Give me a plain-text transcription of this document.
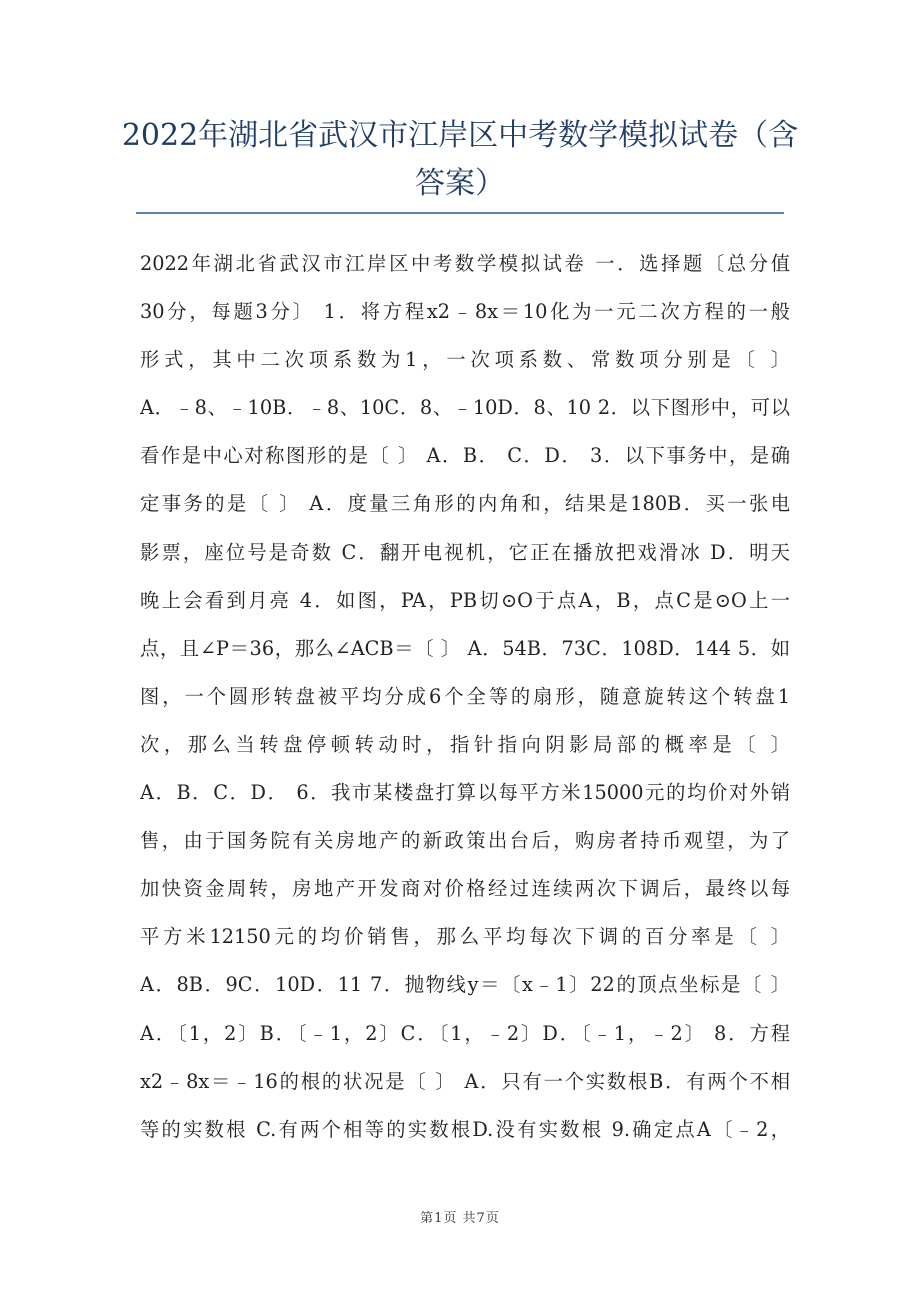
2022年湖北省武汉市江岸区中考数学模拟试卷（含答案）
2022年湖北省武汉市江岸区中考数学模拟试卷 一．选择题〔总分值
30分，每题3分〕 1．将方程x2﹣8x＝10化为一元二次方程的一般
形式，其中二次项系数为1，一次项系数、常数项分别是〔 〕
A．﹣8、﹣10B．﹣8、10C．8、﹣10D．8、10 2．以下图形中，可以
看作是中心对称图形的是〔 〕 A．B． C．D． 3．以下事务中，是确
定事务的是〔 〕 A．度量三角形的内角和，结果是180B．买一张电
影票，座位号是奇数 C．翻开电视机，它正在播放把戏滑冰 D．明天
晚上会看到月亮 4．如图，PA，PB切⊙O于点A，B，点C是⊙O上一
点，且∠P＝36，那么∠ACB＝〔 〕 A．54B．73C．108D．144 5．如
图，一个圆形转盘被平均分成6个全等的扇形，随意旋转这个转盘1
次，那么当转盘停顿转动时，指针指向阴影局部的概率是〔 〕
A．B．C．D． 6．我市某楼盘打算以每平方米15000元的均价对外销
售，由于国务院有关房地产的新政策出台后，购房者持币观望，为了
加快资金周转，房地产开发商对价格经过连续两次下调后，最终以每
平方米12150元的均价销售，那么平均每次下调的百分率是〔 〕
A．8B．9C．10D．11 7．抛物线y＝〔x﹣1〕22的顶点坐标是〔 〕
A．〔1，2〕B．〔﹣1，2〕C．〔1，﹣2〕D．〔﹣1，﹣2〕 8．方程
x2﹣8x＝﹣16的根的状况是〔 〕 A．只有一个实数根B．有两个不相
等的实数根 C.有两个相等的实数根D.没有实数根 9.确定点A〔﹣2，
第1页 共7页
